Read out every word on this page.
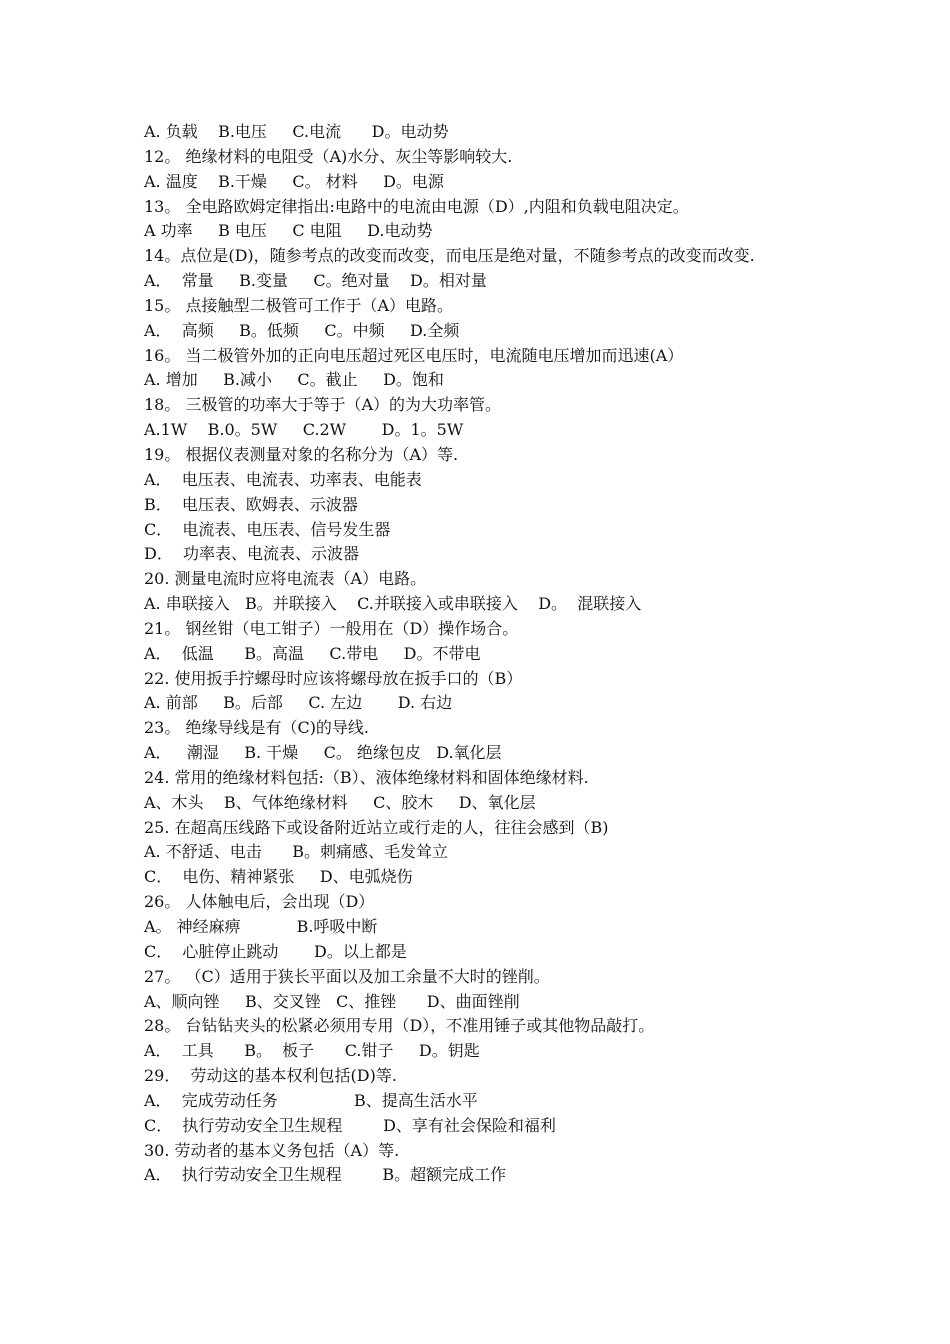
A. 负载    B.电压     C.电流      D。电动势

12。 绝缘材料的电阻受（A)水分、灰尘等影响较大.

A. 温度    B.干燥     C。 材料     D。电源

13。 全电路欧姆定律指出:电路中的电流由电源（D）,内阻和负载电阻决定。

A 功率     B 电压     C 电阻     D.电动势

14。点位是(D)，随参考点的改变而改变，而电压是绝对量，不随参考点的改变而改变.

A．  常量     B.变量     C。绝对量    D。相对量

15。 点接触型二极管可工作于（A）电路。

A．  高频     B。低频     C。中频     D.全频

16。 当二极管外加的正向电压超过死区电压时，电流随电压增加而迅速(A）

A. 增加     B.减小     C。截止     D。饱和

18。 三极管的功率大于等于（A）的为大功率管。

A.1W    B.0。5W     C.2W       D。1。5W

19。 根据仪表测量对象的名称分为（A）等.

A．  电压表、电流表、功率表、电能表

B．  电压表、欧姆表、示波器

C．  电流表、电压表、信号发生器

D．  功率表、电流表、示波器

20. 测量电流时应将电流表（A）电路。

A. 串联接入   B。并联接入    C.并联接入或串联接入    D。  混联接入

21。 钢丝钳（电工钳子）一般用在（D）操作场合。

A．  低温      B。高温     C.带电     D。不带电

22. 使用扳手拧螺母时应该将螺母放在扳手口的（B）

A. 前部     B。后部     C. 左边       D. 右边

23。 绝缘导线是有（C)的导线.

A．   潮湿     B. 干燥     C。 绝缘包皮   D.氧化层

24. 常用的绝缘材料包括:（B）、液体绝缘材料和固体绝缘材料.

A、木头    B、气体绝缘材料     C、胶木     D、氧化层

25. 在超高压线路下或设备附近站立或行走的人，往往会感到（B)

A. 不舒适、电击      B。刺痛感、毛发耸立

C．  电伤、精神紧张     D、电弧烧伤

26。 人体触电后，会出现（D）

A。 神经麻痹           B.呼吸中断

C．  心脏停止跳动       D。以上都是

27。 （C）适用于狭长平面以及加工余量不大时的锉削。

A、顺向锉     B、交叉锉   C、推锉      D、曲面锉削

28。 台钻钻夹头的松紧必须用专用（D），不准用锤子或其他物品敲打。

A．  工具      B。  板子      C.钳子     D。钥匙

29．  劳动这的基本权利包括(D)等.

A．  完成劳动任务               B、提高生活水平

C．  执行劳动安全卫生规程        D、享有社会保险和福利

30. 劳动者的基本义务包括（A）等.

A．  执行劳动安全卫生规程        B。超额完成工作
